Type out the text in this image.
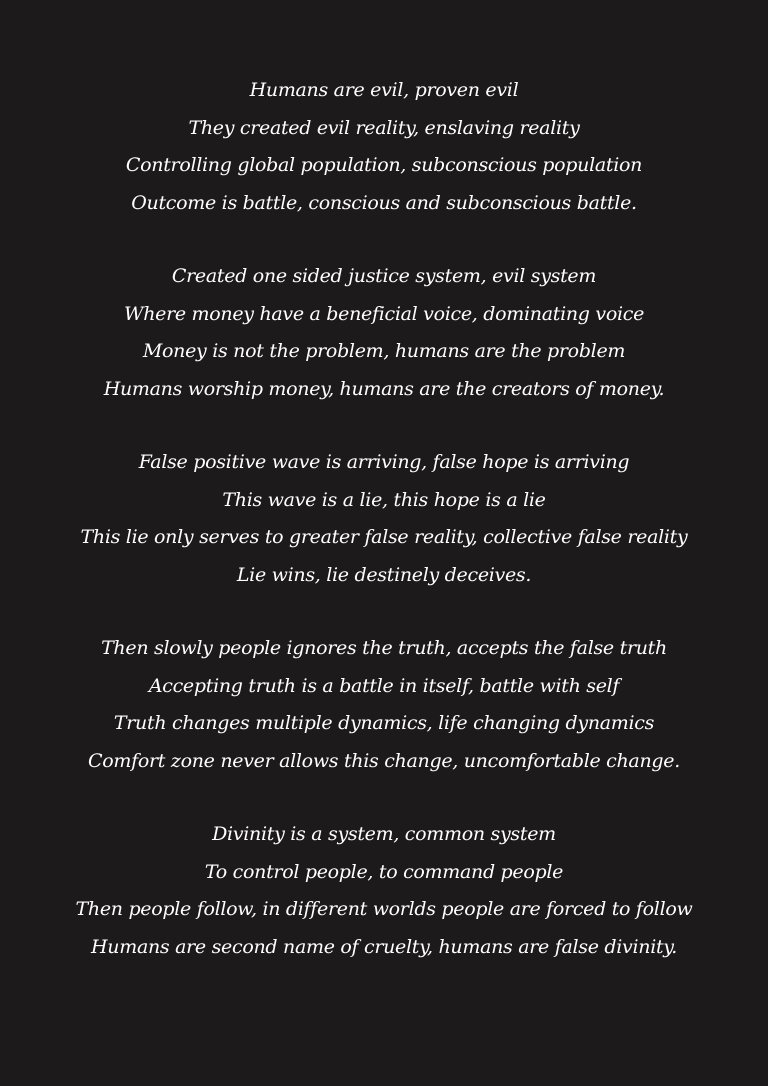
Humans are evil, proven evil
They created evil reality, enslaving reality
Controlling global population, subconscious population
Outcome is battle, conscious and subconscious battle.
Created one sided justice system, evil system
Where money have a beneficial voice, dominating voice
Money is not the problem, humans are the problem
Humans worship money, humans are the creators of money.
False positive wave is arriving, false hope is arriving
This wave is a lie, this hope is a lie
This lie only serves to greater false reality, collective false reality
Lie wins, lie destinely deceives.
Then slowly people ignores the truth, accepts the false truth
Accepting truth is a battle in itself, battle with self
Truth changes multiple dynamics, life changing dynamics
Comfort zone never allows this change, uncomfortable change.
Divinity is a system, common system
To control people, to command people
Then people follow, in different worlds people are forced to follow
Humans are second name of cruelty, humans are false divinity.
